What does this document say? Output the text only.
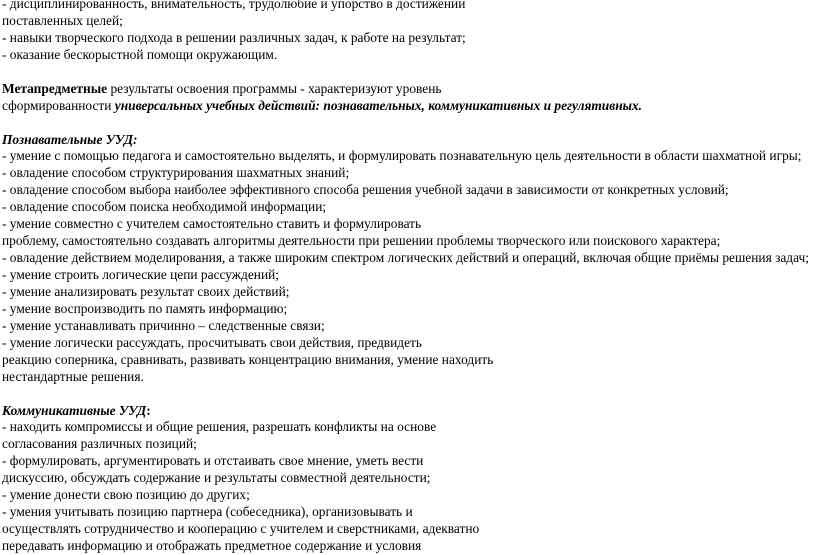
- дисциплинированность, внимательность, трудолюбие и упорство в достижении
поставленных целей;
- навыки творческого подхода в решении различных задач, к работе на результат;
- оказание бескорыстной помощи окружающим.
Метапредметные результаты освоения программы - характеризуют уровень
сформированности универсальных учебных действий: познавательных, коммуникативных и регулятивных.
Познавательные УУД:
- умение с помощью педагога и самостоятельно выделять, и формулировать познавательную цель деятельности в области шахматной игры;
- овладение способом структурирования шахматных знаний;
- овладение способом выбора наиболее эффективного способа решения учебной задачи в зависимости от конкретных условий;
- овладение способом поиска необходимой информации;
- умение совместно с учителем самостоятельно ставить и формулировать
проблему, самостоятельно создавать алгоритмы деятельности при решении проблемы творческого или поискового характера;
- овладение действием моделирования, а также широким спектром логических действий и операций, включая общие приёмы решения задач;
- умение строить логические цепи рассуждений;
- умение анализировать результат своих действий;
- умение воспроизводить по память информацию;
- умение устанавливать причинно – следственные связи;
- умение логически рассуждать, просчитывать свои действия, предвидеть
реакцию соперника, сравнивать, развивать концентрацию внимания, умение находить
нестандартные решения.
Коммуникативные УУД:
- находить компромиссы и общие решения, разрешать конфликты на основе
согласования различных позиций;
- формулировать, аргументировать и отстаивать свое мнение, уметь вести
дискуссию, обсуждать содержание и результаты совместной деятельности;
- умение донести свою позицию до других;
- умения учитывать позицию партнера (собеседника), организовывать и
осуществлять сотрудничество и кооперацию с учителем и сверстниками, адекватно
передавать информацию и отображать предметное содержание и условия
